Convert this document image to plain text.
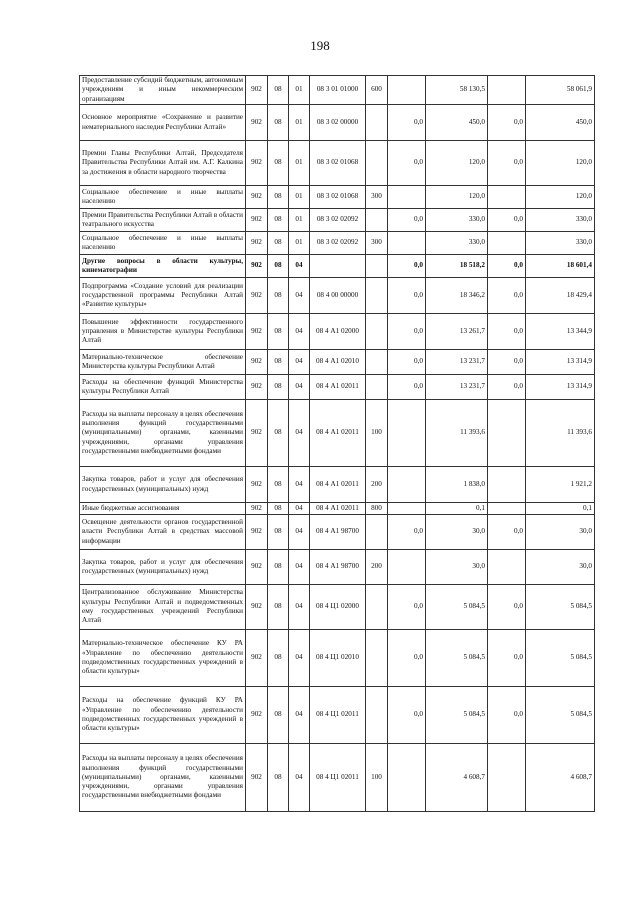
198
Предоставление субсидий бюджетным, автономным учреждениям и иным некоммерческим организациям	902	08	01	08 3 01 01000	600		58 130,5		58 061,9
Основное мероприятие «Сохранение и развитие нематериального наследия Республики Алтай»	902	08	01	08 3 02 00000		0,0	450,0	0,0	450,0
Премии Главы Республики Алтай, Председателя Правительства Республики Алтай им. А.Г. Калкина за достижения в области народного творчества	902	08	01	08 3 02 01068		0,0	120,0	0,0	120,0
Социальное обеспечение и иные выплаты населению	902	08	01	08 3 02 01068	300		120,0		120,0
Премии Правительства Республики Алтай в области театрального искусства	902	08	01	08 3 02 02092		0,0	330,0	0,0	330,0
Социальное обеспечение и иные выплаты населению	902	08	01	08 3 02 02092	300		330,0		330,0
Другие вопросы в области культуры, кинематографии	902	08	04			0,0	18 518,2	0,0	18 601,4
Подпрограмма «Создание условий для реализации государственной программы Республики Алтай «Развитие культуры»	902	08	04	08 4 00 00000		0,0	18 346,2	0,0	18 429,4
Повышение эффективности государственного управления в Министерстве культуры Республики Алтай	902	08	04	08 4 А1 02000		0,0	13 261,7	0,0	13 344,9
Материально-техническое обеспечение Министерства культуры Республики Алтай	902	08	04	08 4 А1 02010		0,0	13 231,7	0,0	13 314,9
Расходы на обеспечение функций Министерства культуры Республики Алтай	902	08	04	08 4 А1 02011		0,0	13 231,7	0,0	13 314,9
Расходы на выплаты персоналу в целях обеспечения выполнения функций государственными (муниципальными) органами, казенными учреждениями, органами управления государственными внебюджетными фондами	902	08	04	08 4 А1 02011	100		11 393,6		11 393,6
Закупка товаров, работ и услуг для обеспечения государственных (муниципальных) нужд	902	08	04	08 4 А1 02011	200		1 838,0		1 921,2
Иные бюджетные ассигнования	902	08	04	08 4 А1 02011	800		0,1		0,1
Освещение деятельности органов государственной власти Республики Алтай в средствах массовой информации	902	08	04	08 4 А1 98700		0,0	30,0	0,0	30,0
Закупка товаров, работ и услуг для обеспечения государственных (муниципальных) нужд	902	08	04	08 4 А1 98700	200		30,0		30,0
Централизованное обслуживание Министерства культуры Республики Алтай и подведомственных ему государственных учреждений Республики Алтай	902	08	04	08 4 Ц1 02000		0,0	5 084,5	0,0	5 084,5
Материально-техническое обеспечение КУ РА «Управление по обеспечению деятельности подведомственных государственных учреждений в области культуры»	902	08	04	08 4 Ц1 02010		0,0	5 084,5	0,0	5 084,5
Расходы на обеспечение функций КУ РА «Управление по обеспечению деятельности подведомственных государственных учреждений в области культуры»	902	08	04	08 4 Ц1 02011		0,0	5 084,5	0,0	5 084,5
Расходы на выплаты персоналу в целях обеспечения выполнения функций государственными (муниципальными) органами, казенными учреждениями, органами управления государственными внебюджетными фондами	902	08	04	08 4 Ц1 02011	100		4 608,7		4 608,7
